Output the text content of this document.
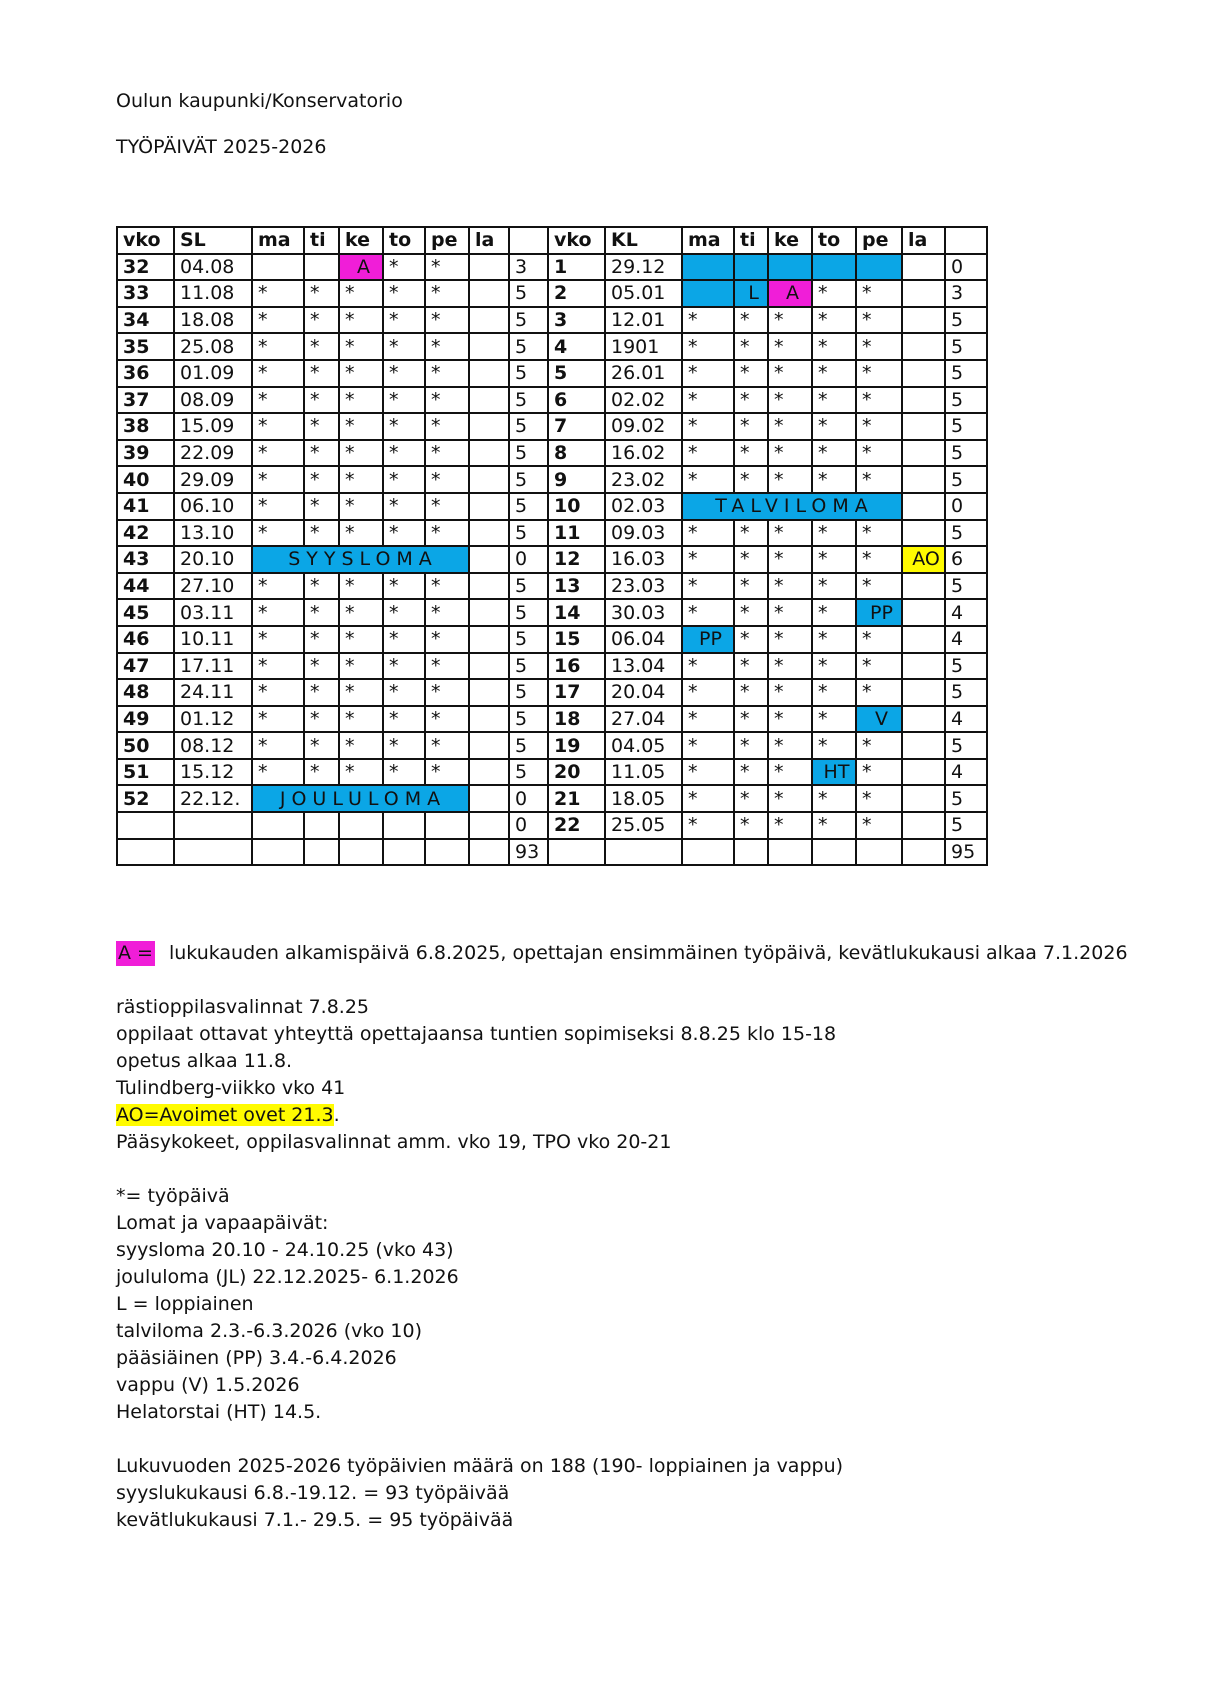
Oulun kaupunki/Konservatorio
TYÖPÄIVÄT 2025-2026
vko	SL	ma	ti	ke	to	pe	la		vko	KL	ma	ti	ke	to	pe	la	
32	04.08			A	*	*		3	1	29.12							0
33	11.08	*	*	*	*	*		5	2	05.01		L	A	*	*		3
34	18.08	*	*	*	*	*		5	3	12.01	*	*	*	*	*		5
35	25.08	*	*	*	*	*		5	4	1901	*	*	*	*	*		5
36	01.09	*	*	*	*	*		5	5	26.01	*	*	*	*	*		5
37	08.09	*	*	*	*	*		5	6	02.02	*	*	*	*	*		5
38	15.09	*	*	*	*	*		5	7	09.02	*	*	*	*	*		5
39	22.09	*	*	*	*	*		5	8	16.02	*	*	*	*	*		5
40	29.09	*	*	*	*	*		5	9	23.02	*	*	*	*	*		5
41	06.10	*	*	*	*	*		5	10	02.03	TALVILOMA						0
42	13.10	*	*	*	*	*		5	11	09.03	*	*	*	*	*		5
43	20.10	SYYSLOMA						0	12	16.03	*	*	*	*	*	AO	6
44	27.10	*	*	*	*	*		5	13	23.03	*	*	*	*	*		5
45	03.11	*	*	*	*	*		5	14	30.03	*	*	*	*	PP		4
46	10.11	*	*	*	*	*		5	15	06.04	PP	*	*	*	*		4
47	17.11	*	*	*	*	*		5	16	13.04	*	*	*	*	*		5
48	24.11	*	*	*	*	*		5	17	20.04	*	*	*	*	*		5
49	01.12	*	*	*	*	*		5	18	27.04	*	*	*	*	V		4
50	08.12	*	*	*	*	*		5	19	04.05	*	*	*	*	*		5
51	15.12	*	*	*	*	*		5	20	11.05	*	*	*	HT	*		4
52	22.12.	JOULULOMA						0	21	18.05	*	*	*	*	*		5
								0	22	25.05	*	*	*	*	*		5
								93									95
A = lukukauden alkamispäivä 6.8.2025, opettajan ensimmäinen työpäivä, kevätlukukausi alkaa 7.1.2026
rästioppilasvalinnat 7.8.25
oppilaat ottavat yhteyttä opettajaansa tuntien sopimiseksi 8.8.25 klo 15-18
opetus alkaa 11.8.
Tulindberg-viikko vko 41
AO=Avoimet ovet 21.3.
Pääsykokeet, oppilasvalinnat amm. vko 19, TPO vko 20-21
*= työpäivä
Lomat ja vapaapäivät:
syysloma 20.10 - 24.10.25 (vko 43)
joululoma (JL) 22.12.2025- 6.1.2026
L = loppiainen
talviloma 2.3.-6.3.2026 (vko 10)
pääsiäinen (PP) 3.4.-6.4.2026
vappu (V) 1.5.2026
Helatorstai (HT) 14.5.
Lukuvuoden 2025-2026 työpäivien määrä on 188 (190- loppiainen ja vappu)
syyslukukausi 6.8.-19.12. = 93 työpäivää
kevätlukukausi 7.1.- 29.5. = 95 työpäivää
